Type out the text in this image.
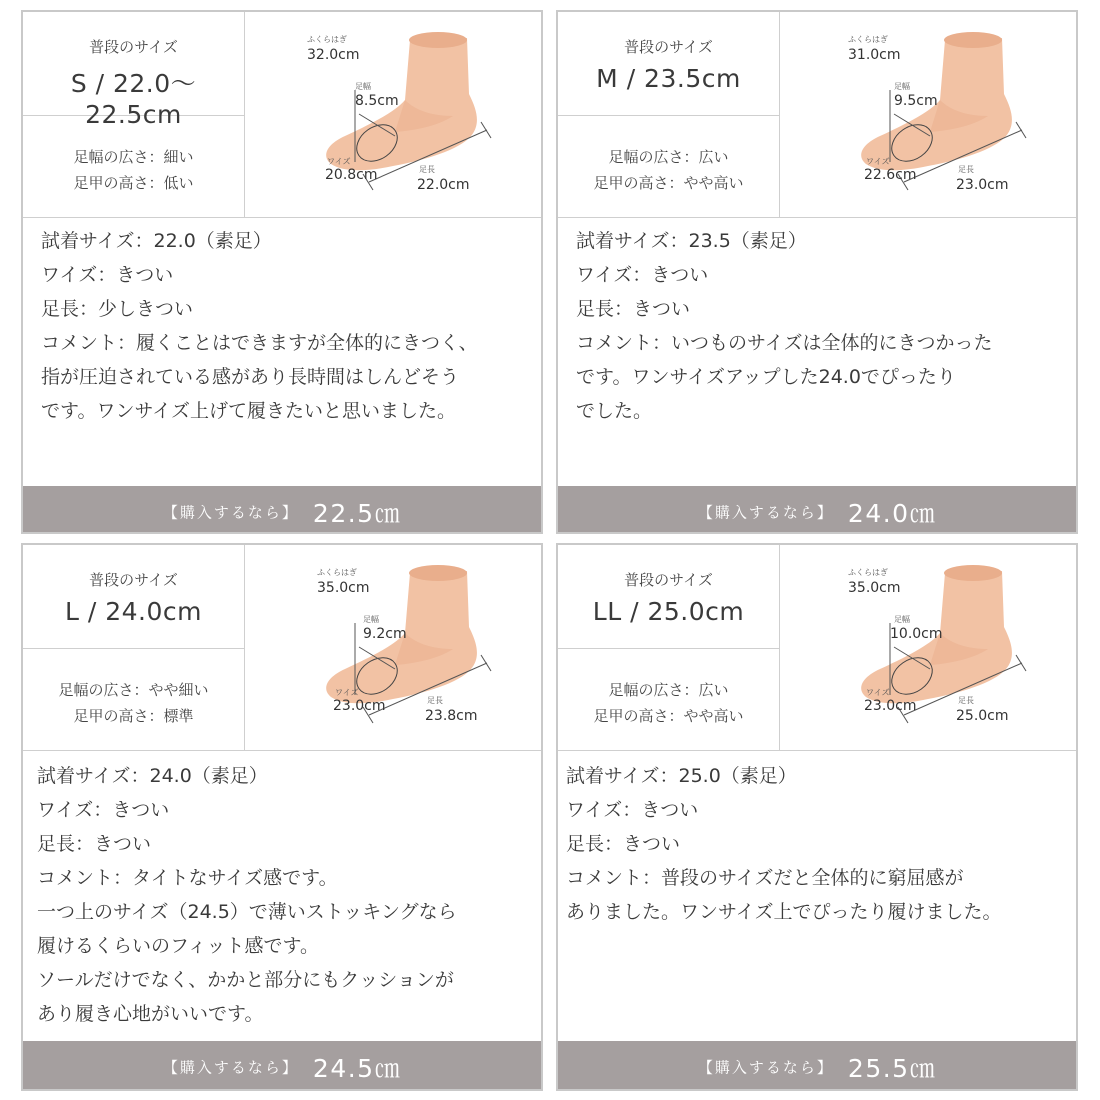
普段のサイズ
S / 22.0〜22.5cm
足幅の広さ：細い
足甲の高さ：低い
ふくらはぎ
32.0cm
足幅
8.5cm
ワイズ
20.8cm	足長
22.0cm
試着サイズ：22.0（素足）
ワイズ：きつい
足長：少しきつい
コメント：履くことはできますが全体的にきつく、
指が圧迫されている感があり長時間はしんどそう
です。ワンサイズ上げて履きたいと思いました。
【購入するなら】 22.5㎝
普段のサイズ
M / 23.5cm
足幅の広さ：広い
足甲の高さ：やや高い
ふくらはぎ
31.0cm
足幅
9.5cm
ワイズ
22.6cm	足長
23.0cm
試着サイズ：23.5（素足）
ワイズ：きつい
足長：きつい
コメント：いつものサイズは全体的にきつかった
です。ワンサイズアップした24.0でぴったり
でした。
【購入するなら】 24.0㎝
普段のサイズ
L / 24.0cm
足幅の広さ：やや細い
足甲の高さ：標準
ふくらはぎ
35.0cm
足幅
9.2cm
ワイズ
23.0cm	足長
23.8cm
試着サイズ：24.0（素足）
ワイズ：きつい
足長：きつい
コメント：タイトなサイズ感です。
一つ上のサイズ（24.5）で薄いストッキングなら
履けるくらいのフィット感です。
ソールだけでなく、かかと部分にもクッションが
あり履き心地がいいです。
【購入するなら】 24.5㎝
普段のサイズ
LL / 25.0cm
足幅の広さ：広い
足甲の高さ：やや高い
ふくらはぎ
35.0cm
足幅
10.0cm
ワイズ
23.0cm	足長
25.0cm
試着サイズ：25.0（素足）
ワイズ：きつい
足長：きつい
コメント：普段のサイズだと全体的に窮屈感が
ありました。ワンサイズ上でぴったり履けました。
【購入するなら】 25.5㎝
